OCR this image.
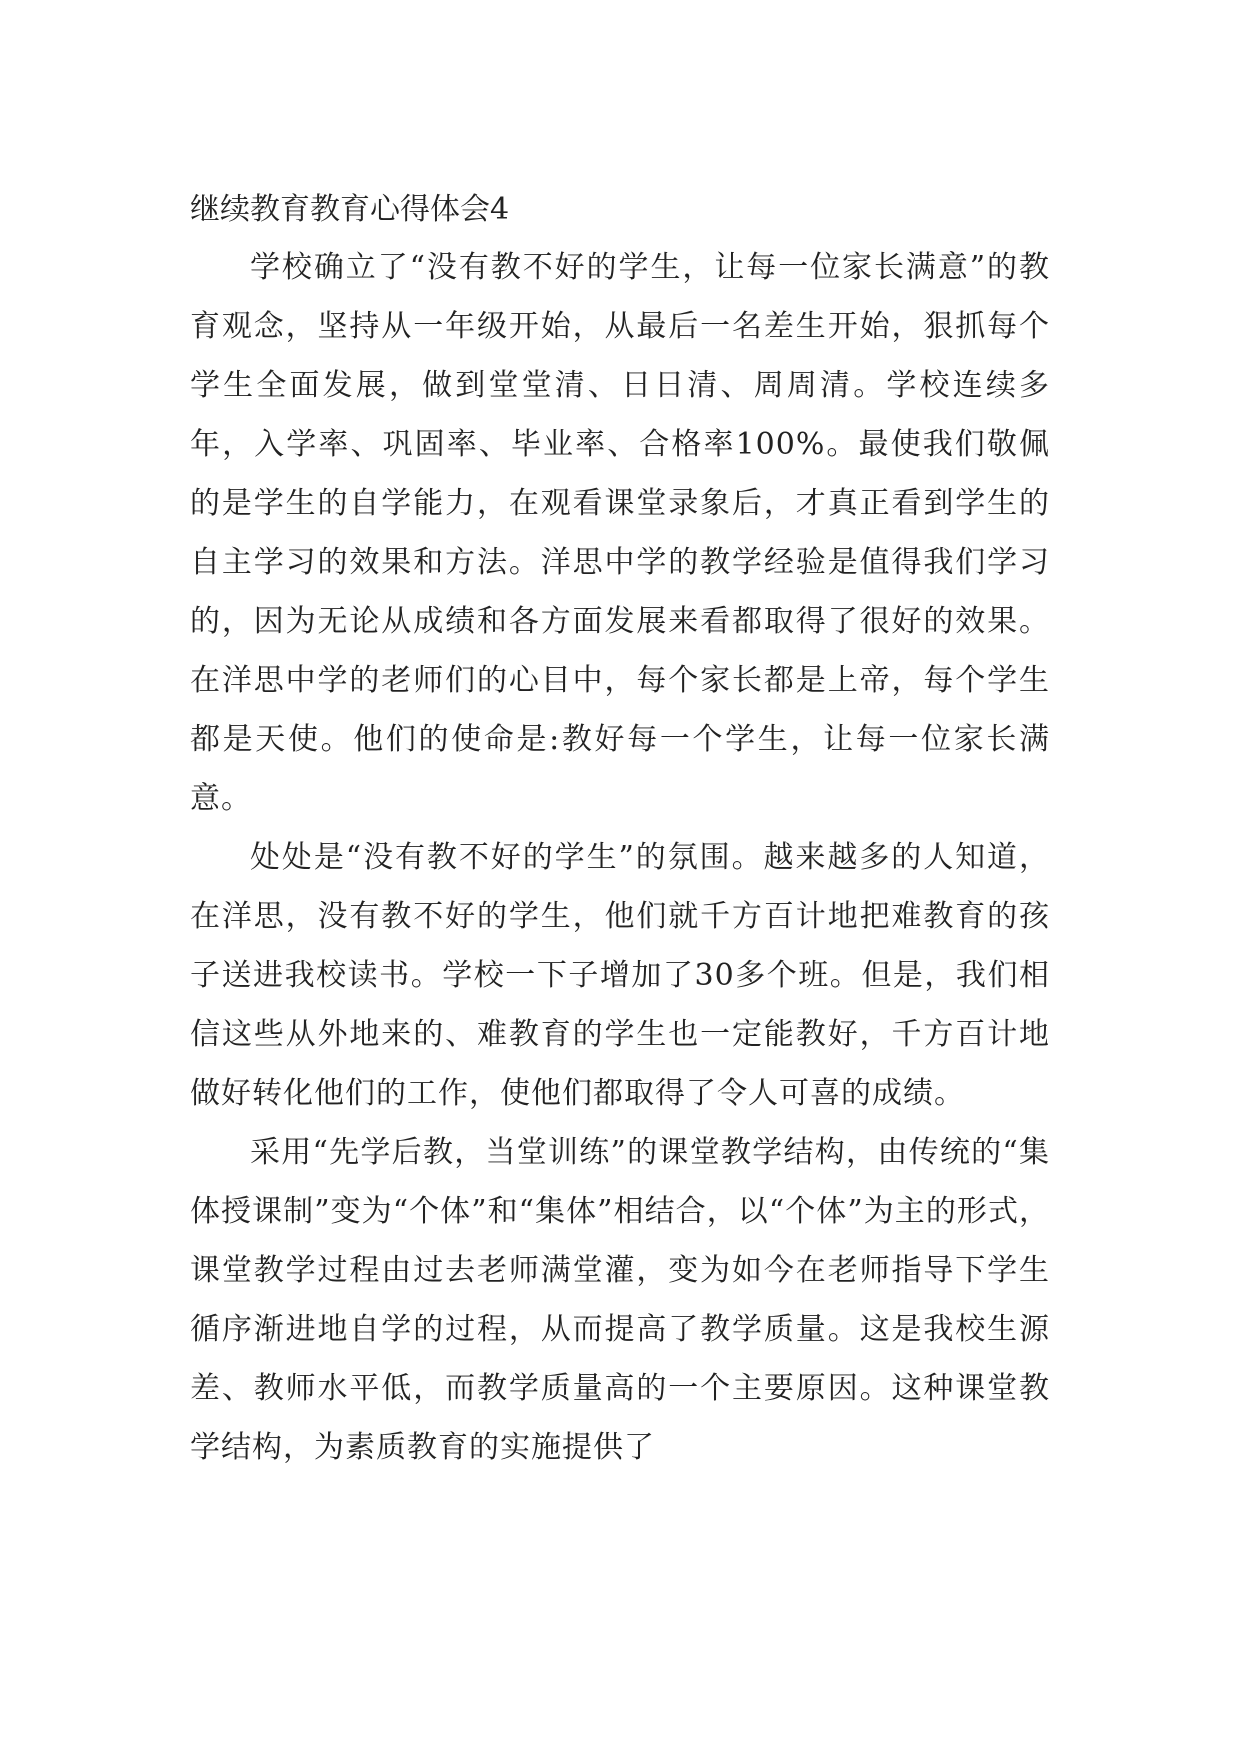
继续教育教育心得体会4

学校确立了“没有教不好的学生，让每一位家长满意”的教育观念，坚持从一年级开始，从最后一名差生开始，狠抓每个学生全面发展，做到堂堂清、日日清、周周清。学校连续多年，入学率、巩固率、毕业率、合格率100%。最使我们敬佩的是学生的自学能力，在观看课堂录象后，才真正看到学生的自主学习的效果和方法。洋思中学的教学经验是值得我们学习的，因为无论从成绩和各方面发展来看都取得了很好的效果。在洋思中学的老师们的心目中，每个家长都是上帝，每个学生都是天使。他们的使命是:教好每一个学生，让每一位家长满意。

处处是“没有教不好的学生”的氛围。越来越多的人知道，在洋思，没有教不好的学生，他们就千方百计地把难教育的孩子送进我校读书。学校一下子增加了30多个班。但是，我们相信这些从外地来的、难教育的学生也一定能教好，千方百计地做好转化他们的工作，使他们都取得了令人可喜的成绩。

采用“先学后教，当堂训练”的课堂教学结构，由传统的“集体授课制”变为“个体”和“集体”相结合，以“个体”为主的形式，课堂教学过程由过去老师满堂灌，变为如今在老师指导下学生循序渐进地自学的过程，从而提高了教学质量。这是我校生源差、教师水平低，而教学质量高的一个主要原因。这种课堂教学结构，为素质教育的实施提供了
